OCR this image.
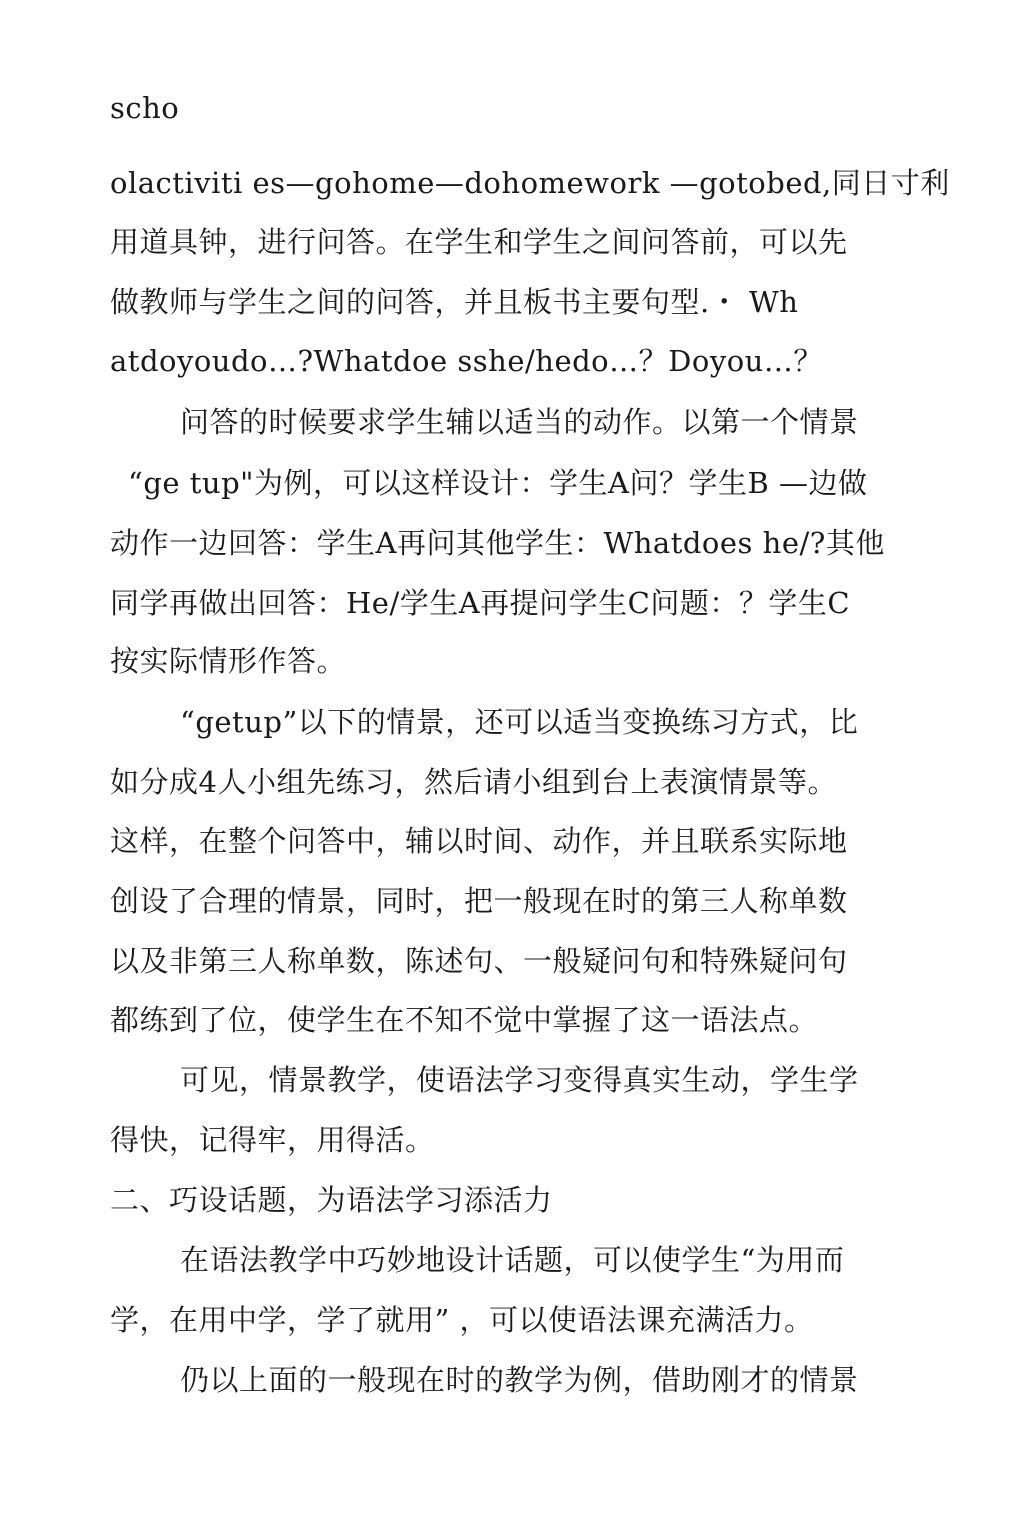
scho

olactiviti es—gohome—dohomework —gotobed,同日寸利

用道具钟，进行问答。在学生和学生之间问答前，可以先

做教师与学生之间的问答，并且板书主要句型.・ Wh

atdoyoudo…?Whatdoe sshe/hedo…？Doyou…？

问答的时候要求学生辅以适当的动作。以第一个情景

“ge tup"为例，可以这样设计：学生A问？学生B —边做

动作一边回答：学生A再问其他学生：Whatdoes he/?其他

同学再做出回答：He/学生A再提问学生C问题：？学生C

按实际情形作答。

“getup”以下的情景，还可以适当变换练习方式，比

如分成4人小组先练习，然后请小组到台上表演情景等。

这样，在整个问答中，辅以时间、动作，并且联系实际地

创设了合理的情景，同时，把一般现在时的第三人称单数

以及非第三人称单数，陈述句、一般疑问句和特殊疑问句

都练到了位，使学生在不知不觉中掌握了这一语法点。

可见，情景教学，使语法学习变得真实生动，学生学

得快，记得牢，用得活。

二、巧设话题，为语法学习添活力

在语法教学中巧妙地设计话题，可以使学生“为用而

学，在用中学，学了就用” ，可以使语法课充满活力。

仍以上面的一般现在时的教学为例，借助刚才的情景
